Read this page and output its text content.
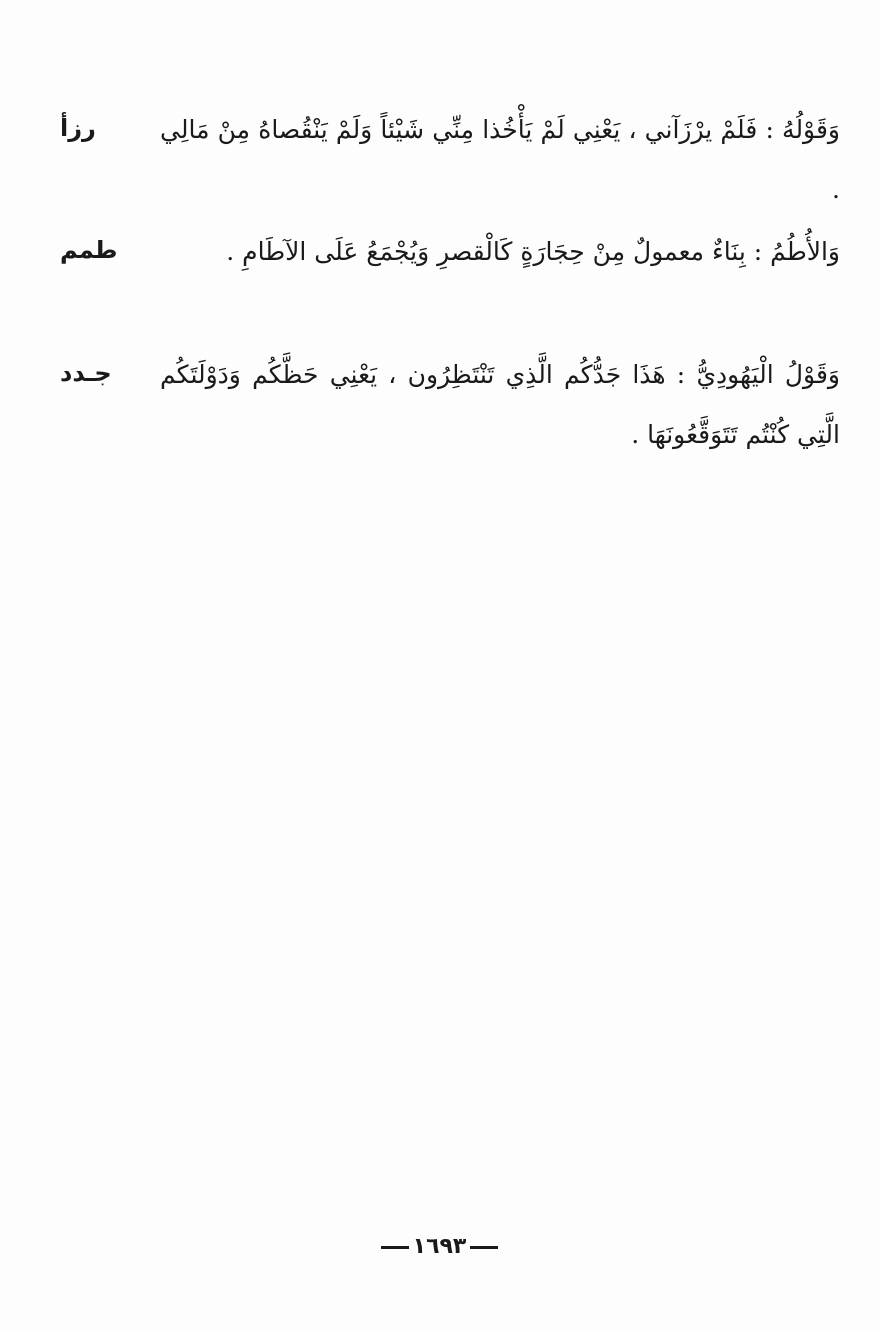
وَقَوْلُهُ : فَلَمْ يرْزَآني ، يَعْنِي لَمْ يَأْخُذا مِنِّي شَيْئاً وَلَمْ يَنْقُصاهُ مِنْ مَالِي .
رزأ
وَالأُطُمُ : بِنَاءٌ معمولٌ مِنْ حِجَارَةٍ كَالْقصرِ وَيُجْمَعُ عَلَى الآطَامِ .
طمم
وَقَوْلُ الْيَهُودِيُّ : هَذَا جَدُّكُم الَّذِي تَنْتَظِرُون ، يَعْنِي حَظَّكُم وَدَوْلَتَكُم الَّتِي كُنْتُم تَتَوَقَّعُونَهَا .
جـدد
١٦٩٣
